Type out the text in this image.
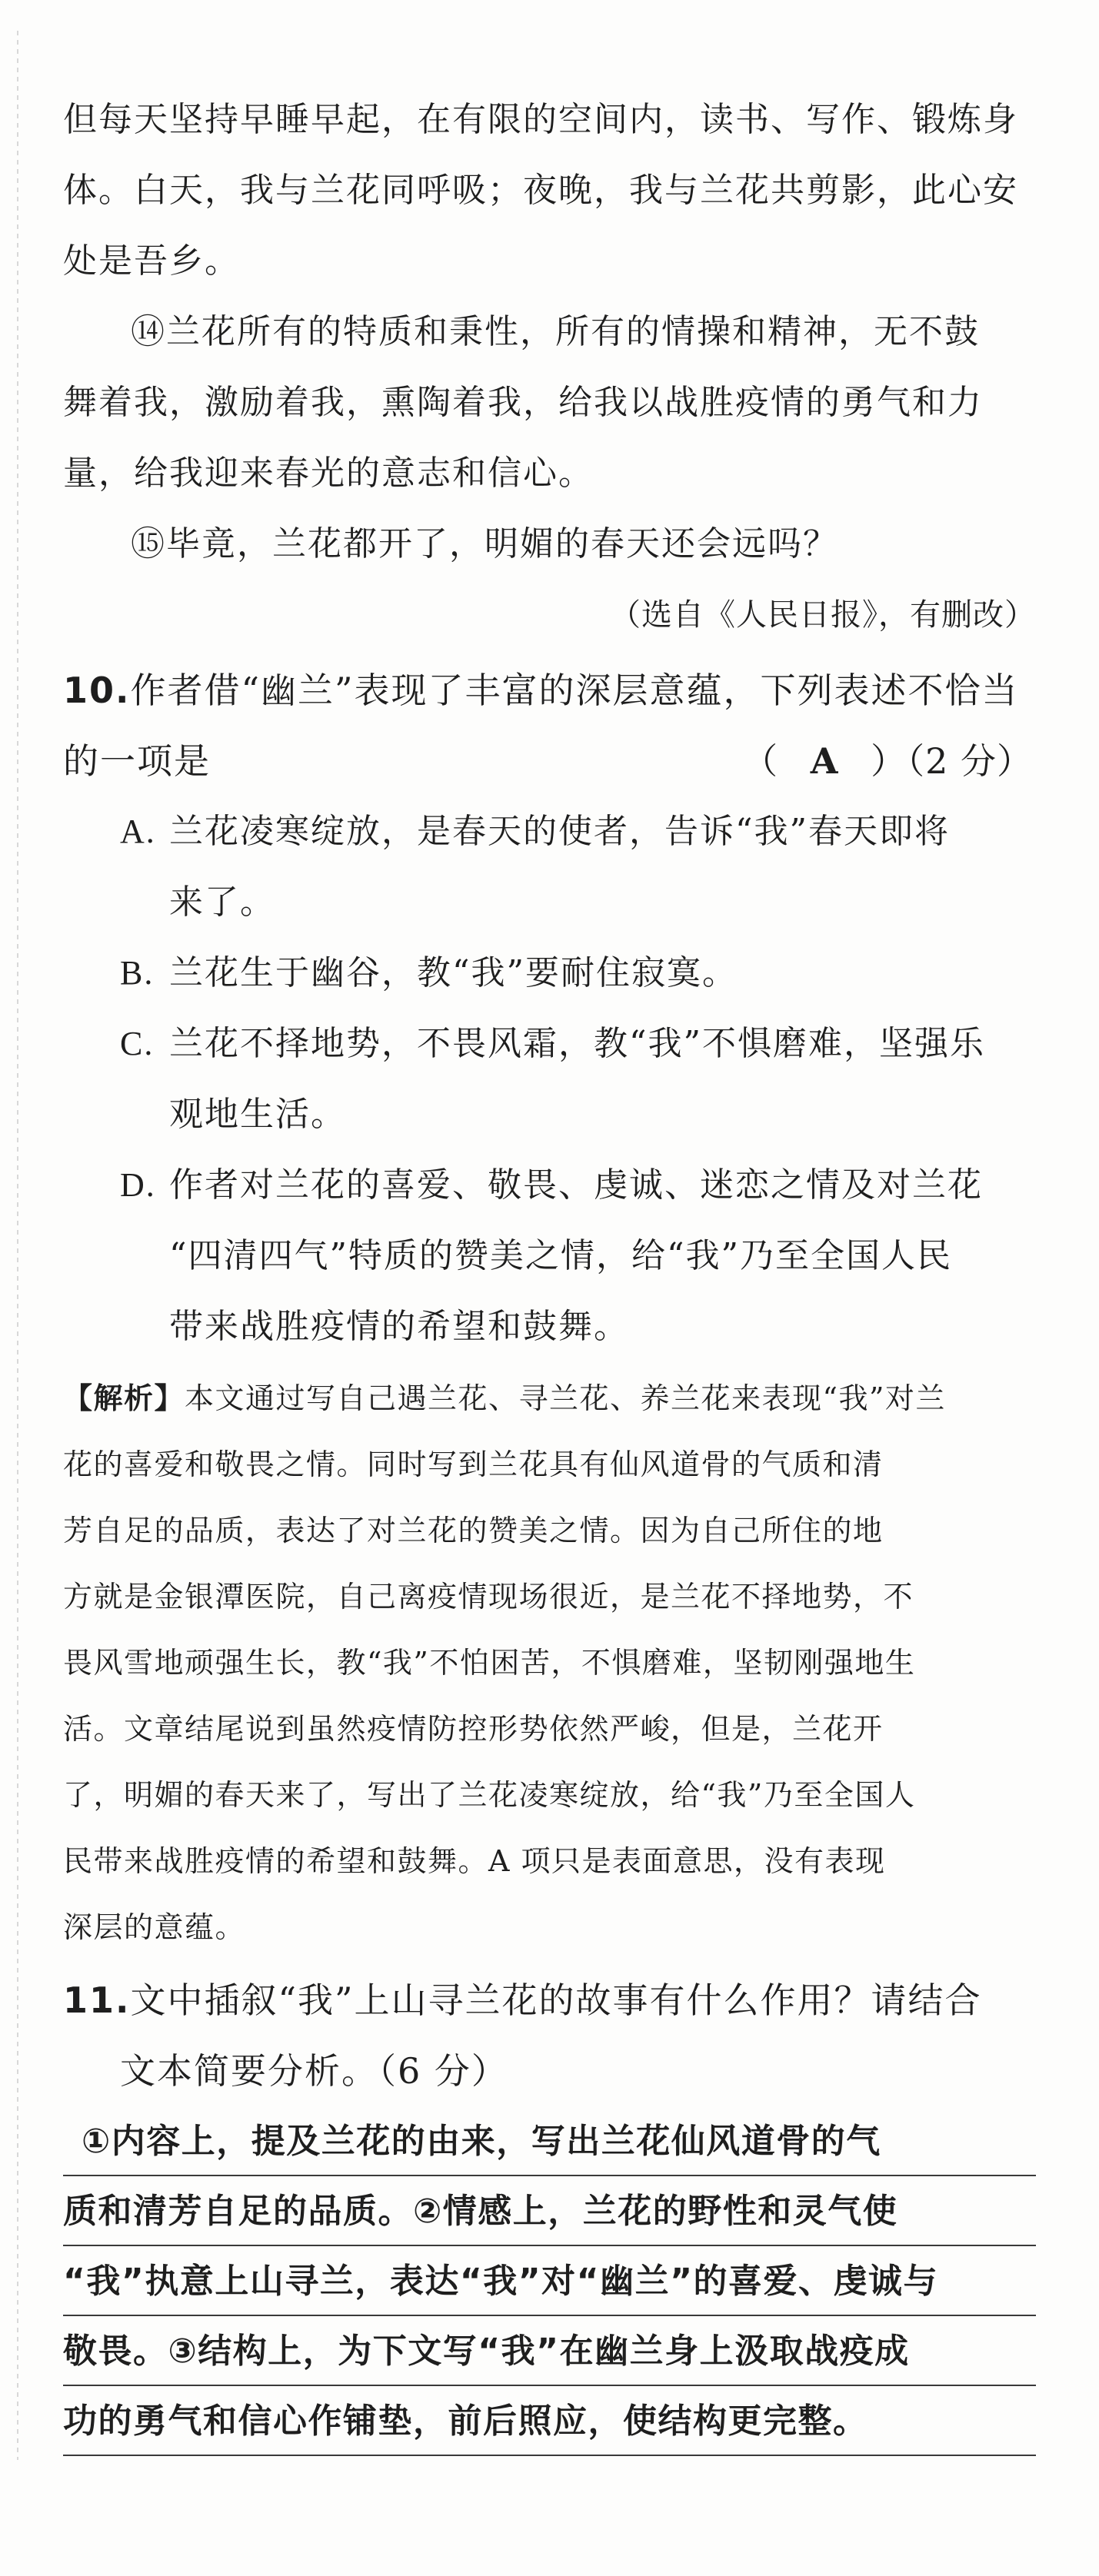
但每天坚持早睡早起，在有限的空间内，读书、写作、锻炼身
体。白天，我与兰花同呼吸；夜晚，我与兰花共剪影，此心安
处是吾乡。
⑭兰花所有的特质和秉性，所有的情操和精神，无不鼓
舞着我，激励着我，熏陶着我，给我以战胜疫情的勇气和力
量，给我迎来春光的意志和信心。
⑮毕竟，兰花都开了，明媚的春天还会远吗？
（选自《人民日报》，有删改）
10.作者借“幽兰”表现了丰富的深层意蕴，下列表述不恰当
的一项是	（ A ）（2 分）
A. 兰花凌寒绽放，是春天的使者，告诉“我”春天即将
来了。
B. 兰花生于幽谷，教“我”要耐住寂寞。
C. 兰花不择地势，不畏风霜，教“我”不惧磨难，坚强乐
观地生活。
D. 作者对兰花的喜爱、敬畏、虔诚、迷恋之情及对兰花
“四清四气”特质的赞美之情，给“我”乃至全国人民
带来战胜疫情的希望和鼓舞。
【解析】本文通过写自己遇兰花、寻兰花、养兰花来表现“我”对兰
花的喜爱和敬畏之情。同时写到兰花具有仙风道骨的气质和清
芳自足的品质，表达了对兰花的赞美之情。因为自己所住的地
方就是金银潭医院，自己离疫情现场很近，是兰花不择地势，不
畏风雪地顽强生长，教“我”不怕困苦，不惧磨难，坚韧刚强地生
活。文章结尾说到虽然疫情防控形势依然严峻，但是，兰花开
了，明媚的春天来了，写出了兰花凌寒绽放，给“我”乃至全国人
民带来战胜疫情的希望和鼓舞。A 项只是表面意思，没有表现
深层的意蕴。
11.文中插叙“我”上山寻兰花的故事有什么作用？请结合
文本简要分析。（6 分）
①内容上，提及兰花的由来，写出兰花仙风道骨的气
质和清芳自足的品质。②情感上，兰花的野性和灵气使
“我”执意上山寻兰，表达“我”对“幽兰”的喜爱、虔诚与
敬畏。③结构上，为下文写“我”在幽兰身上汲取战疫成
功的勇气和信心作铺垫，前后照应，使结构更完整。
